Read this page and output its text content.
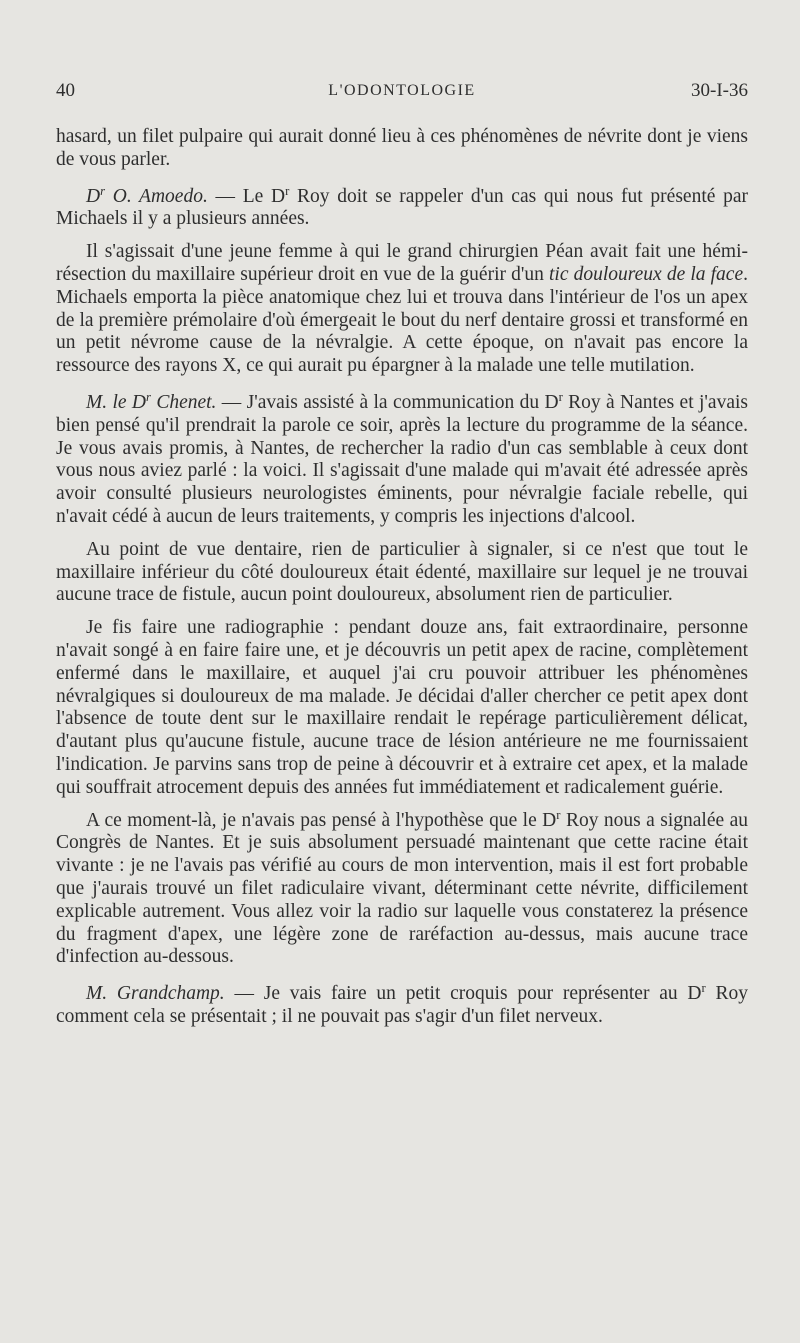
40	L'ODONTOLOGIE	30-I-36

hasard, un filet pulpaire qui aurait donné lieu à ces phénomènes de névrite dont je viens de vous parler.

$D^r$ O. Amoedo. — Le $D^r$ Roy doit se rappeler d'un cas qui nous fut présenté par Michaels il y a plusieurs années.

Il s'agissait d'une jeune femme à qui le grand chirurgien Péan avait fait une hémi-résection du maxillaire supérieur droit en vue de la guérir d'un tic douloureux de la face. Michaels emporta la pièce anatomique chez lui et trouva dans l'intérieur de l'os un apex de la première prémolaire d'où émergeait le bout du nerf dentaire grossi et transformé en un petit névrome cause de la névralgie. A cette époque, on n'avait pas encore la ressource des rayons X, ce qui aurait pu épargner à la malade une telle mutilation.

M. le $D^r$ Chenet. — J'avais assisté à la communication du $D^r$ Roy à Nantes et j'avais bien pensé qu'il prendrait la parole ce soir, après la lecture du programme de la séance. Je vous avais promis, à Nantes, de rechercher la radio d'un cas semblable à ceux dont vous nous aviez parlé : la voici. Il s'agissait d'une malade qui m'avait été adressée après avoir consulté plusieurs neurologistes éminents, pour névralgie faciale rebelle, qui n'avait cédé à aucun de leurs traitements, y compris les injections d'alcool.

Au point de vue dentaire, rien de particulier à signaler, si ce n'est que tout le maxillaire inférieur du côté douloureux était édenté, maxillaire sur lequel je ne trouvai aucune trace de fistule, aucun point douloureux, absolument rien de particulier.

Je fis faire une radiographie : pendant douze ans, fait extraordinaire, personne n'avait songé à en faire faire une, et je découvris un petit apex de racine, complètement enfermé dans le maxillaire, et auquel j'ai cru pouvoir attribuer les phénomènes névralgiques si douloureux de ma malade. Je décidai d'aller chercher ce petit apex dont l'absence de toute dent sur le maxillaire rendait le repérage particulièrement délicat, d'autant plus qu'aucune fistule, aucune trace de lésion antérieure ne me fournissaient l'indication. Je parvins sans trop de peine à découvrir et à extraire cet apex, et la malade qui souffrait atrocement depuis des années fut immédiatement et radicalement guérie.

A ce moment-là, je n'avais pas pensé à l'hypothèse que le $D^r$ Roy nous a signalée au Congrès de Nantes. Et je suis absolument persuadé maintenant que cette racine était vivante : je ne l'avais pas vérifié au cours de mon intervention, mais il est fort probable que j'aurais trouvé un filet radiculaire vivant, déterminant cette névrite, difficilement explicable autrement. Vous allez voir la radio sur laquelle vous constaterez la présence du fragment d'apex, une légère zone de raréfaction au-dessus, mais aucune trace d'infection au-dessous.

M. Grandchamp. — Je vais faire un petit croquis pour représenter au $D^r$ Roy comment cela se présentait ; il ne pouvait pas s'agir d'un filet nerveux.
